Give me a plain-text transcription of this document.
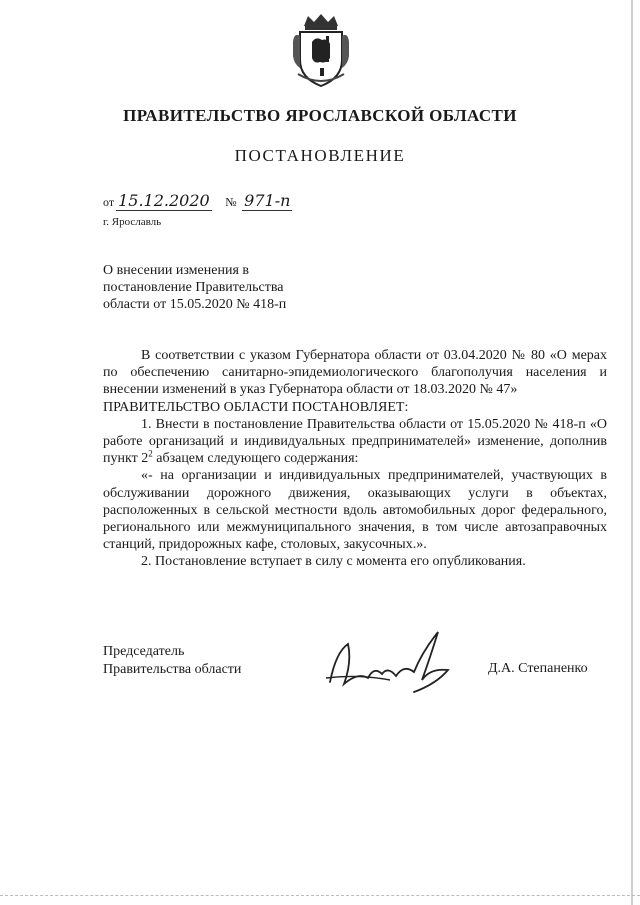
ПРАВИТЕЛЬСТВО ЯРОСЛАВСКОЙ ОБЛАСТИ
ПОСТАНОВЛЕНИЕ
от 15.12.2020 № 971-п
г. Ярославль
О внесении изменения в
постановление Правительства
области от 15.05.2020 № 418-п

В соответствии с указом Губернатора области от 03.04.2020 № 80 «О мерах по обеспечению санитарно-эпидемиологического благополучия населения и внесении изменений в указ Губернатора области от 18.03.2020 № 47»

ПРАВИТЕЛЬСТВО ОБЛАСТИ ПОСТАНОВЛЯЕТ:

1. Внести в постановление Правительства области от 15.05.2020 № 418-п «О работе организаций и индивидуальных предпринимателей» изменение, дополнив пункт $2^2$ абзацем следующего содержания:

«- на организации и индивидуальных предпринимателей, участвующих в обслуживании дорожного движения, оказывающих услуги в объектах, расположенных в сельской местности вдоль автомобильных дорог федерального, регионального или межмуниципального значения, в том числе автозаправочных станций, придорожных кафе, столовых, закусочных.».

2. Постановление вступает в силу с момента его опубликования.

Председатель
Правительства области	Д.А. Степаненко
